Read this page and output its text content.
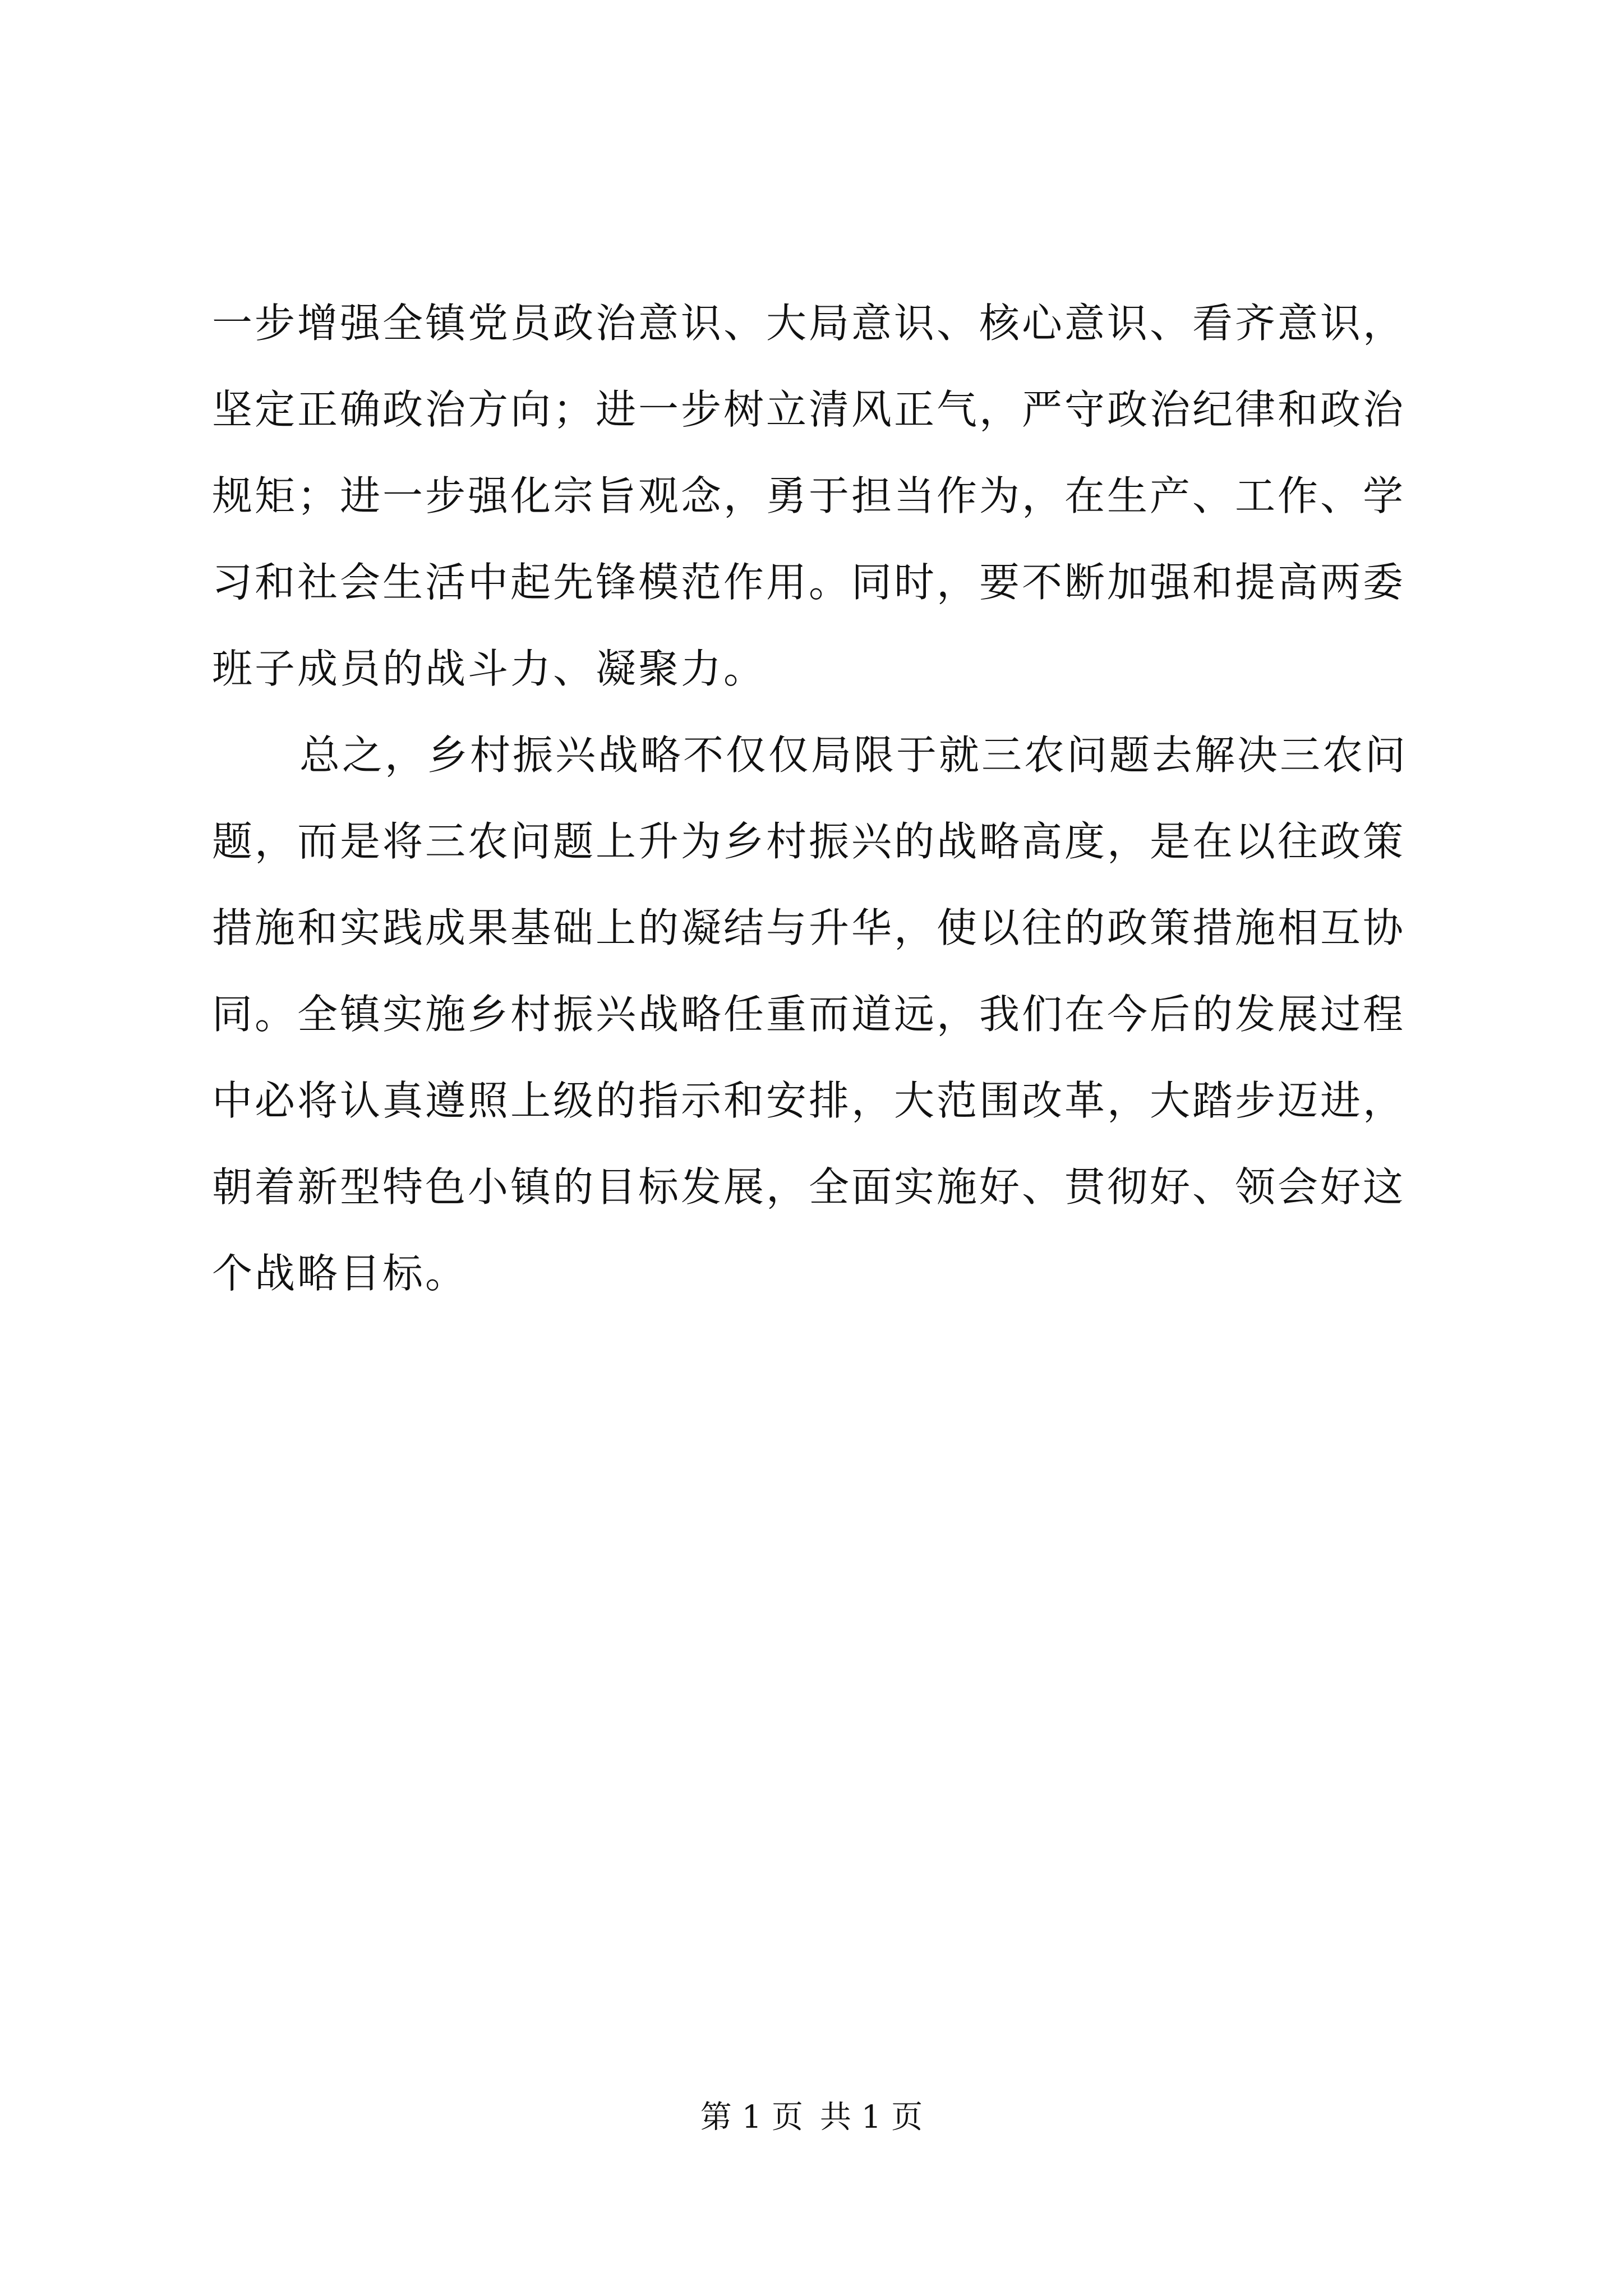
一步增强全镇党员政治意识、大局意识、核心意识、看齐意识，
坚定正确政治方向；进一步树立清风正气，严守政治纪律和政治
规矩；进一步强化宗旨观念，勇于担当作为，在生产、工作、学
习和社会生活中起先锋模范作用。同时，要不断加强和提高两委
班子成员的战斗力、凝聚力。
总之，乡村振兴战略不仅仅局限于就三农问题去解决三农问
题，而是将三农问题上升为乡村振兴的战略高度，是在以往政策
措施和实践成果基础上的凝结与升华，使以往的政策措施相互协
同。全镇实施乡村振兴战略任重而道远，我们在今后的发展过程
中必将认真遵照上级的指示和安排，大范围改革，大踏步迈进，
朝着新型特色小镇的目标发展，全面实施好、贯彻好、领会好这
个战略目标。
第 1 页 共 1 页
